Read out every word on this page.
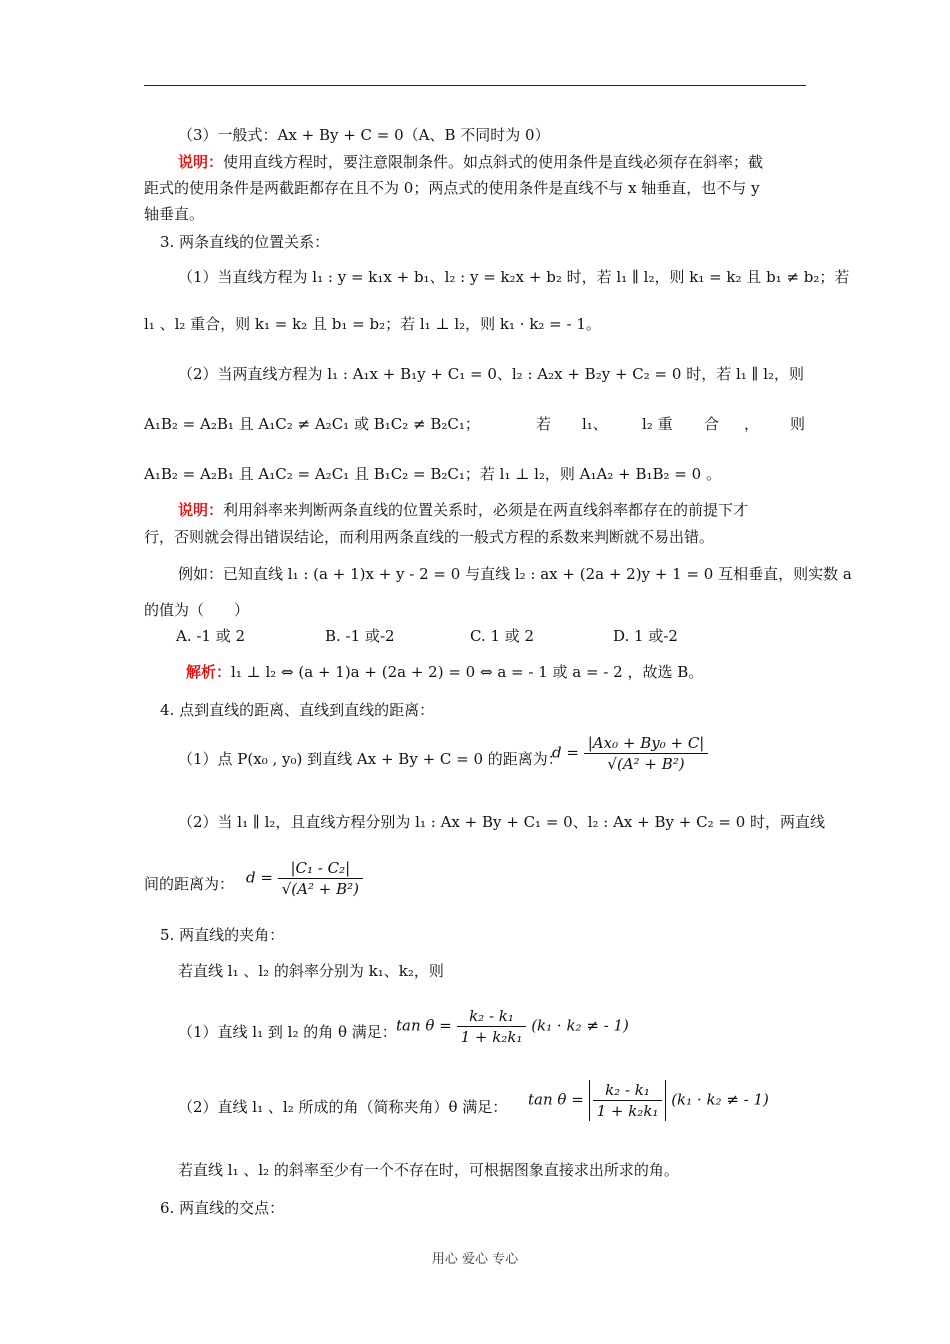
（3）一般式：Ax + By + C = 0（A、B 不同时为 0）
说明：使用直线方程时，要注意限制条件。如点斜式的使用条件是直线必须存在斜率；截
距式的使用条件是两截距都存在且不为 0；两点式的使用条件是直线不与 x 轴垂直，也不与 y
轴垂直。
3. 两条直线的位置关系：
（1）当直线方程为 l₁ : y = k₁x + b₁、l₂ : y = k₂x + b₂ 时，若 l₁ ∥ l₂，则 k₁ = k₂ 且 b₁ ≠ b₂；若
l₁ 、l₂ 重合，则 k₁ = k₂ 且 b₁ = b₂；若 l₁ ⊥ l₂，则 k₁ · k₂ = - 1。
（2）当两直线方程为 l₁ : A₁x + B₁y + C₁ = 0、l₂ : A₂x + B₂y + C₂ = 0 时，若 l₁ ∥ l₂，则
A₁B₂ = A₂B₁ 且 A₁C₂ ≠ A₂C₁ 或 B₁C₂ ≠ B₂C₁；	若 l₁、 l₂ 重 合 ， 则
A₁B₂ = A₂B₁ 且 A₁C₂ = A₂C₁ 且 B₁C₂ = B₂C₁；若 l₁ ⊥ l₂，则 A₁A₂ + B₁B₂ = 0 。
说明：利用斜率来判断两条直线的位置关系时，必须是在两直线斜率都存在的前提下才
行，否则就会得出错误结论，而利用两条直线的一般式方程的系数来判断就不易出错。
例如：已知直线 l₁ : (a + 1)x + y - 2 = 0 与直线 l₂ : ax + (2a + 2)y + 1 = 0 互相垂直，则实数 a
的值为（　　）
A. -1 或 2	B. -1 或-2	C. 1 或 2	D. 1 或-2
解析：l₁ ⊥ l₂ ⇔ (a + 1)a + (2a + 2) = 0 ⇔ a = - 1 或 a = - 2 ，故选 B。
4. 点到直线的距离、直线到直线的距离：
（1）点 P(x₀ , y₀) 到直线 Ax + By + C = 0 的距离为：
$d = \frac{\text{|Ax₀ + By₀ + C|}}{\text{√(A² + B²)}}$
（2）当 l₁ ∥ l₂，且直线方程分别为 l₁ : Ax + By + C₁ = 0、l₂ : Ax + By + C₂ = 0 时，两直线
间的距离为： $d = \frac{\text{|C₁ - C₂|}}{\text{√(A² + B²)}}$
5. 两直线的夹角：
若直线 l₁ 、l₂ 的斜率分别为 k₁、k₂，则
（1）直线 l₁ 到 l₂ 的角 θ 满足： $\tan \theta = \frac{\text{k₂ - k₁}}{\text{1 + k₂k₁}} (k_1 \cdot k_2$ ≠ - 1)
（2）直线 l₁ 、l₂ 所成的角（简称夹角）θ 满足：	$\tan \theta = \frac{\text{k₂ - k₁}}{\text{1 + k₂k₁}} (k_1 \cdot k_2$ ≠ - 1)
若直线 l₁ 、l₂ 的斜率至少有一个不存在时，可根据图象直接求出所求的角。
6. 两直线的交点：
用心 爱心 专心
